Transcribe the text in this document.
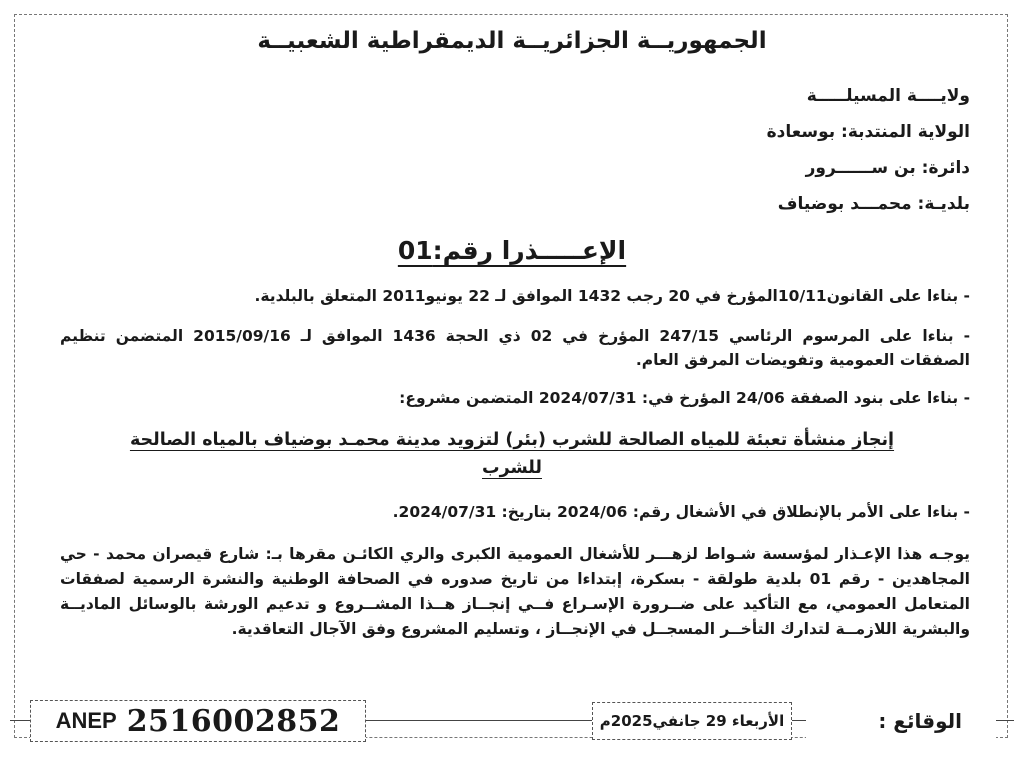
الجمهوريــة الجزائريــة الديمقراطية الشعبيــة
ولايــــة المسيلـــــة
الولاية المنتدبة: بوسعادة
دائرة: بن ســــــرور
بلديـة: محمـــد بوضياف
الإعـــــذرا رقم:01
- بناءا على القانون10/11المؤرخ في 20 رجب 1432 الموافق لـ 22 يونيو2011 المتعلق بالبلدية.
- بناءا على المرسوم الرئاسي 247/15 المؤرخ في 02 ذي الحجة 1436 الموافق لـ 2015/09/16 المتضمن تنظيم الصفقات العمومية وتفويضات المرفق العام.
- بناءا على بنود الصفقة 24/06 المؤرخ في: 2024/07/31 المتضمن مشروع:
إنجاز منشأة تعبئة للمياه الصالحة للشرب (بئر) لتزويد مدينة محمـد بوضياف بالمياه الصالحة للشرب
- بناءا على الأمر بالإنطلاق في الأشغال رقم: 2024/06 بتاريخ: 2024/07/31.
يوجـه هذا الإعـذار لمؤسسة شـواط لزهـــر للأشغال العمومية الكبرى والري الكائـن مقرها بـ: شارع قيصران محمد - حي المجاهدين - رقم 01 بلدية طولقة - بسكرة، إبتداءا من تاريخ صدوره في الصحافة الوطنية والنشرة الرسمية لصفقات المتعامل العمومي، مع التأكيد على ضــرورة الإسـراع فــي إنجــاز هــذا المشــروع و تدعيم الورشة بالوسائل الماديــة والبشرية اللازمــة لتدارك التأخــر المسجــل في الإنجــاز ، وتسليم المشروع وفق الآجال التعاقدية.
ANEP 2516002852	الأربعاء 29 جانفي2025م	الوقائع :
